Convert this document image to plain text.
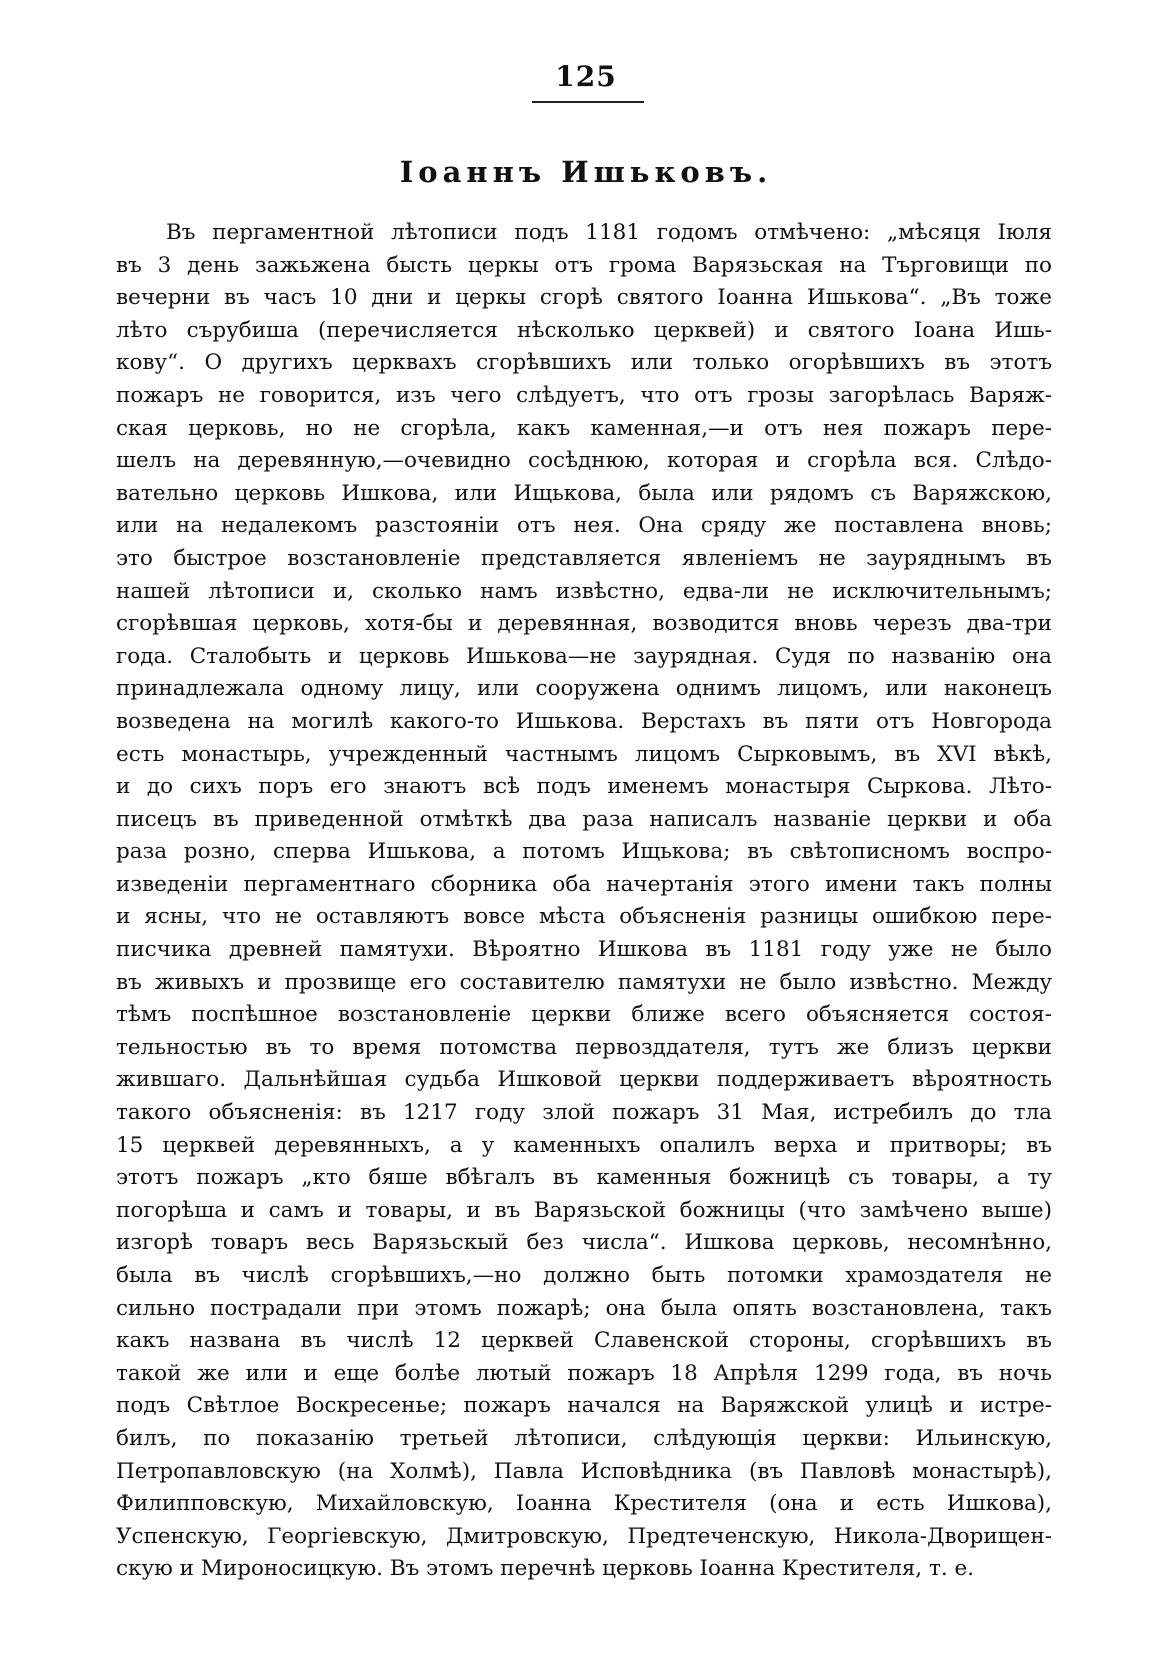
125
Іоаннъ Ишьковъ.
Въ пергаментной лѣтописи подъ 1181 годомъ отмѣчено: „мѣсяця Іюля
въ 3 день зажьжена бысть церкы отъ грома Варязьская на Търговищи по
вечерни въ часъ 10 дни и церкы сгорѣ святого Іоанна Ишькова“. „Въ тоже
лѣто сърубиша (перечисляется нѣсколько церквей) и святого Іоана Ишь-
кову“. О другихъ церквахъ сгорѣвшихъ или только огорѣвшихъ въ этотъ
пожаръ не говорится, изъ чего слѣдуетъ, что отъ грозы загорѣлась Варяж-
ская церковь, но не сгорѣла, какъ каменная,—и отъ нея пожаръ пере-
шелъ на деревянную,—очевидно сосѣднюю, которая и сгорѣла вся. Слѣдо-
вательно церковь Ишкова, или Ищькова, была или рядомъ съ Варяжскою,
или на недалекомъ разстояніи отъ нея. Она сряду же поставлена вновь;
это быстрое возстановленіе представляется явленіемъ не зауряднымъ въ
нашей лѣтописи и, сколько намъ извѣстно, едва-ли не исключительнымъ;
сгорѣвшая церковь, хотя-бы и деревянная, возводится вновь черезъ два-три
года. Сталобыть и церковь Ишькова—не заурядная. Судя по названію она
принадлежала одному лицу, или сооружена однимъ лицомъ, или наконецъ
возведена на могилѣ какого-то Ишькова. Верстахъ въ пяти отъ Новгорода
есть монастырь, учрежденный частнымъ лицомъ Сырковымъ, въ XVI вѣкѣ,
и до сихъ поръ его знаютъ всѣ подъ именемъ монастыря Сыркова. Лѣто-
писецъ въ приведенной отмѣткѣ два раза написалъ названіе церкви и оба
раза розно, сперва Ишькова, а потомъ Ищькова; въ свѣтописномъ воспро-
изведеніи пергаментнаго сборника оба начертанія этого имени такъ полны
и ясны, что не оставляютъ вовсе мѣста объясненія разницы ошибкою пере-
писчика древней памятухи. Вѣроятно Ишкова въ 1181 году уже не было
въ живыхъ и прозвище его составителю памятухи не было извѣстно. Между
тѣмъ поспѣшное возстановленіе церкви ближе всего объясняется состоя-
тельностью въ то время потомства первозддателя, тутъ же близъ церкви
жившаго. Дальнѣйшая судьба Ишковой церкви поддерживаетъ вѣроятность
такого объясненія: въ 1217 году злой пожаръ 31 Мая, истребилъ до тла
15 церквей деревянныхъ, а у каменныхъ опалилъ верха и притворы; въ
этотъ пожаръ „кто бяше вбѣгалъ въ каменныя божницѣ съ товары, а ту
погорѣша и самъ и товары, и въ Варязьской божницы (что замѣчено выше)
изгорѣ товаръ весь Варязьскый без числа“. Ишкова церковь, несомнѣнно,
была въ числѣ сгорѣвшихъ,—но должно быть потомки храмоздателя не
сильно пострадали при этомъ пожарѣ; она была опять возстановлена, такъ
какъ названа въ числѣ 12 церквей Славенской стороны, сгорѣвшихъ въ
такой же или и еще болѣе лютый пожаръ 18 Апрѣля 1299 года, въ ночь
подъ Свѣтлое Воскресенье; пожаръ начался на Варяжской улицѣ и истре-
билъ, по показанію третьей лѣтописи, слѣдующія церкви: Ильинскую,
Петропавловскую (на Холмѣ), Павла Исповѣдника (въ Павловѣ монастырѣ),
Филипповскую, Михайловскую, Іоанна Крестителя (она и есть Ишкова),
Успенскую, Георгіевскую, Дмитровскую, Предтеченскую, Никола-Дворищен-
скую и Мироносицкую. Въ этомъ перечнѣ церковь Іоанна Крестителя, т. е.
